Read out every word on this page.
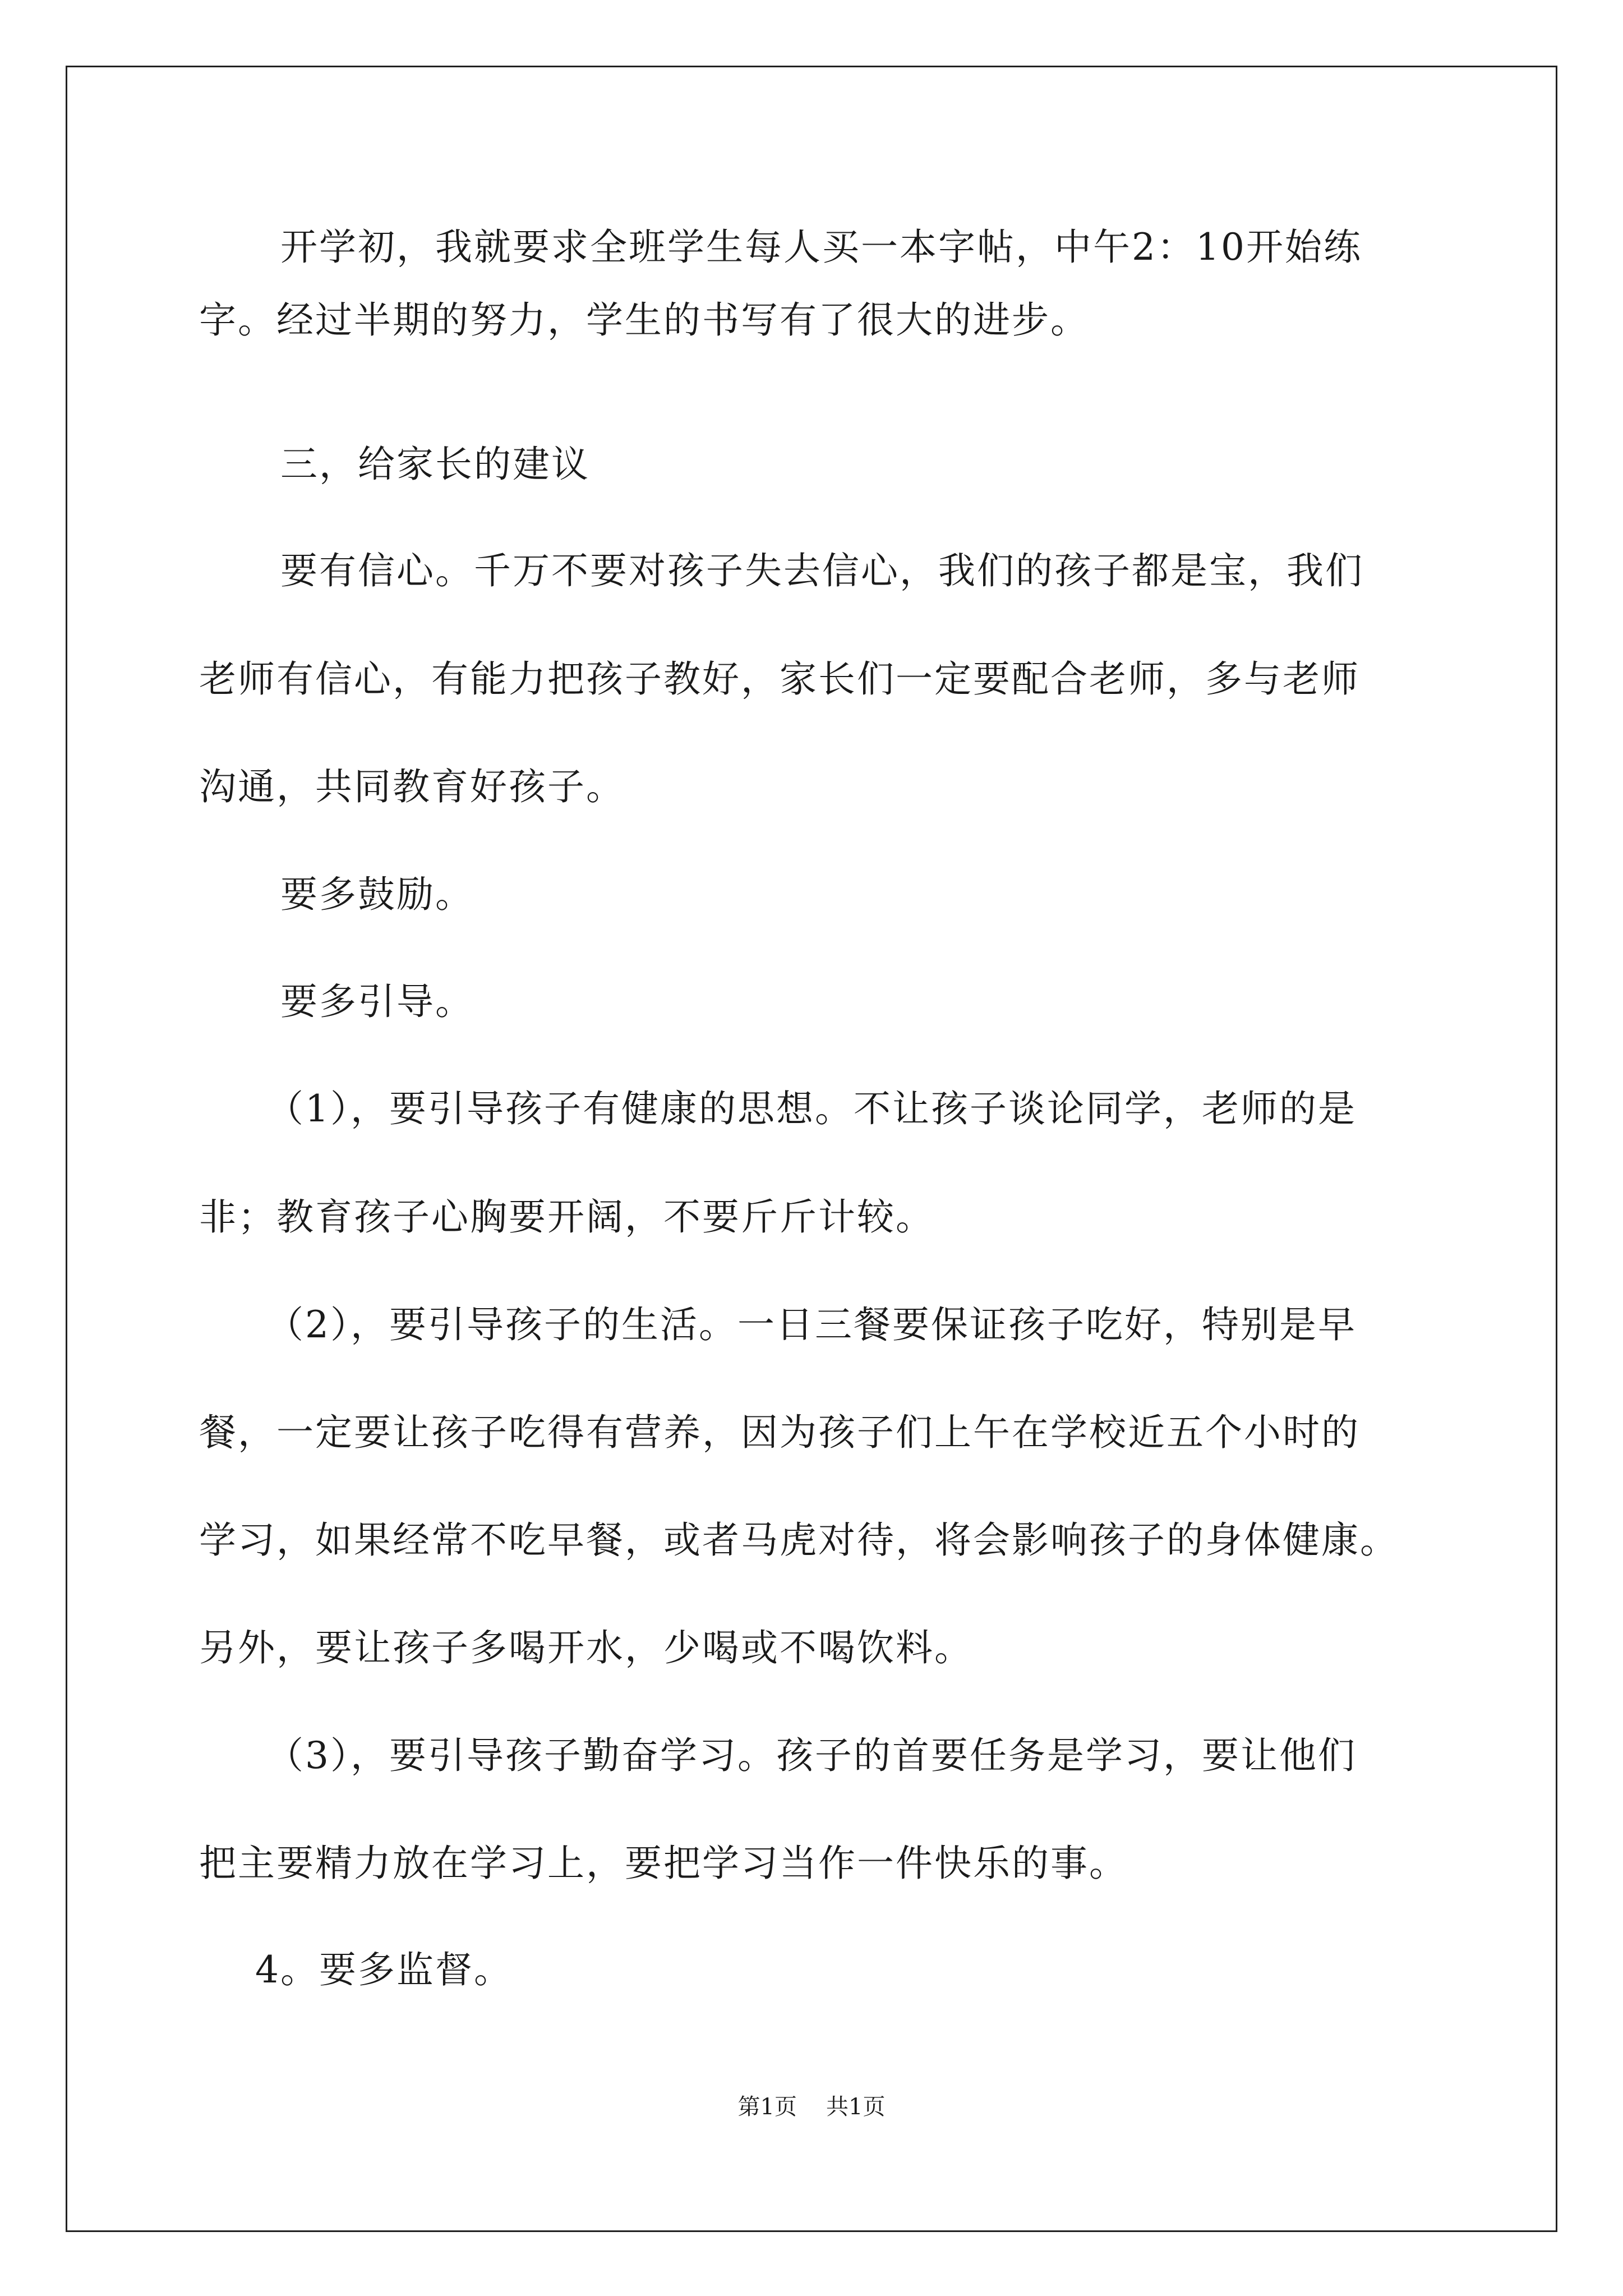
开学初，我就要求全班学生每人买一本字帖，中午2：10开始练
字。经过半期的努力，学生的书写有了很大的进步。
三，给家长的建议
要有信心。千万不要对孩子失去信心，我们的孩子都是宝，我们
老师有信心，有能力把孩子教好，家长们一定要配合老师，多与老师
沟通，共同教育好孩子。
要多鼓励。
要多引导。
（1），要引导孩子有健康的思想。不让孩子谈论同学，老师的是
非；教育孩子心胸要开阔，不要斤斤计较。
（2），要引导孩子的生活。一日三餐要保证孩子吃好，特别是早
餐，一定要让孩子吃得有营养，因为孩子们上午在学校近五个小时的
学习，如果经常不吃早餐，或者马虎对待，将会影响孩子的身体健康。
另外，要让孩子多喝开水，少喝或不喝饮料。
（3），要引导孩子勤奋学习。孩子的首要任务是学习，要让他们
把主要精力放在学习上，要把学习当作一件快乐的事。
4。要多监督。
第1页 共1页
